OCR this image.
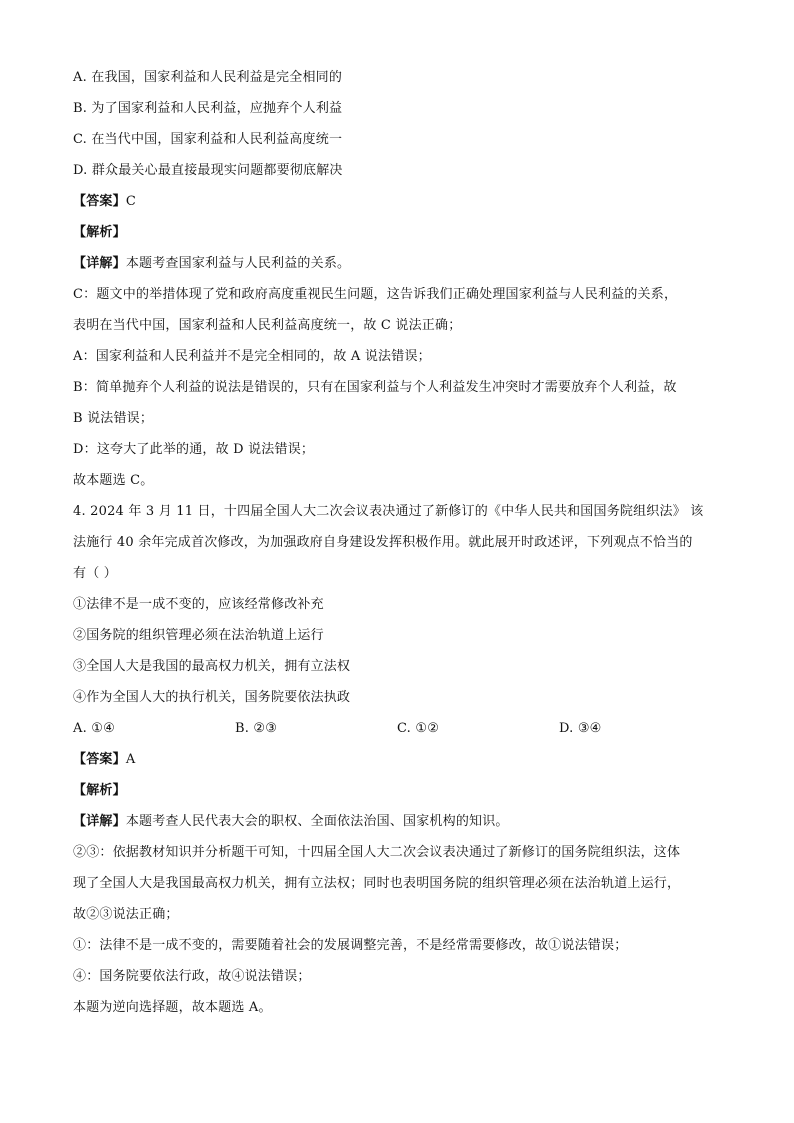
A. 在我国，国家利益和人民利益是完全相同的
B. 为了国家利益和人民利益，应抛弃个人利益
C. 在当代中国，国家利益和人民利益高度统一
D. 群众最关心最直接最现实问题都要彻底解决
【答案】C
【解析】
【详解】本题考查国家利益与人民利益的关系。
C：题文中的举措体现了党和政府高度重视民生问题，这告诉我们正确处理国家利益与人民利益的关系，
表明在当代中国，国家利益和人民利益高度统一，故 C 说法正确；
A：国家利益和人民利益并不是完全相同的，故 A 说法错误；
B：简单抛弃个人利益的说法是错误的，只有在国家利益与个人利益发生冲突时才需要放弃个人利益，故
B 说法错误；
D：这夸大了此举的通，故 D 说法错误；
故本题选 C。
4. 2024 年 3 月 11 日，十四届全国人大二次会议表决通过了新修订的《中华人民共和国国务院组织法》 该
法施行 40 余年完成首次修改，为加强政府自身建设发挥积极作用。就此展开时政述评，下列观点不恰当的
有（ ）
①法律不是一成不变的，应该经常修改补充
②国务院的组织管理必须在法治轨道上运行
③全国人大是我国的最高权力机关，拥有立法权
④作为全国人大的执行机关，国务院要依法执政
A. ①④	B. ②③	C. ①②	D. ③④
【答案】A
【解析】
【详解】本题考查人民代表大会的职权、全面依法治国、国家机构的知识。
②③：依据教材知识并分析题干可知，十四届全国人大二次会议表决通过了新修订的国务院组织法，这体
现了全国人大是我国最高权力机关，拥有立法权；同时也表明国务院的组织管理必须在法治轨道上运行，
故②③说法正确；
①：法律不是一成不变的，需要随着社会的发展调整完善，不是经常需要修改，故①说法错误；
④：国务院要依法行政，故④说法错误；
本题为逆向选择题，故本题选 A。
